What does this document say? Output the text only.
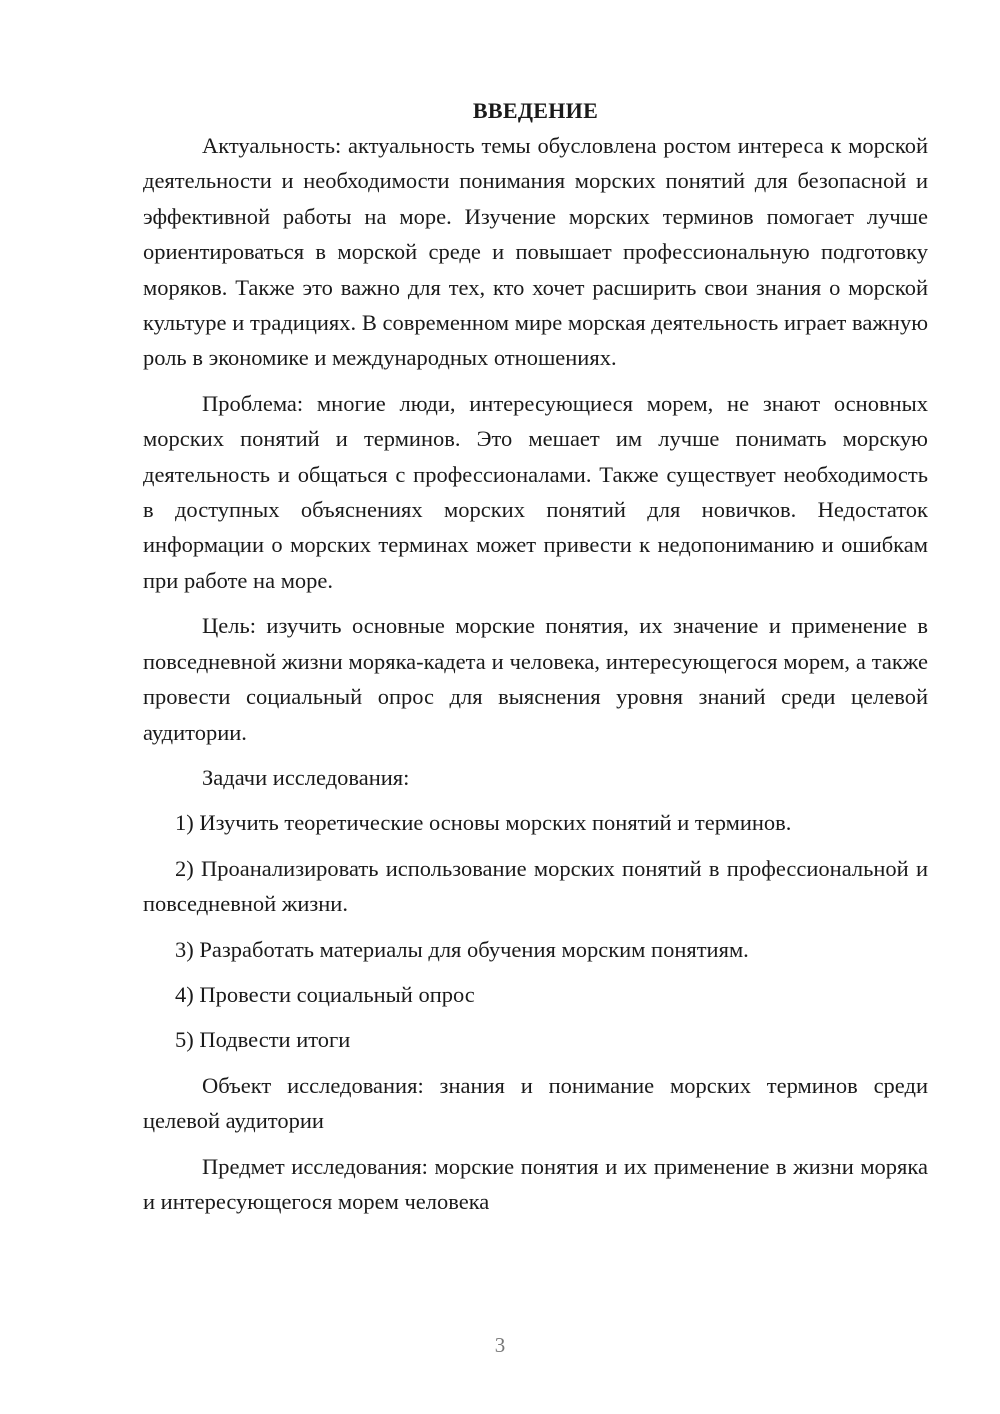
ВВЕДЕНИЕ

Актуальность: актуальность темы обусловлена ростом интереса к морской деятельности и необходимости понимания морских понятий для безопасной и эффективной работы на море. Изучение морских терминов помогает лучше ориентироваться в морской среде и повышает профессиональную подготовку моряков. Также это важно для тех, кто хочет расширить свои знания о морской культуре и традициях. В современном мире морская деятельность играет важную роль в экономике и международных отношениях.

Проблема: многие люди, интересующиеся морем, не знают основных морских понятий и терминов. Это мешает им лучше понимать морскую деятельность и общаться с профессионалами. Также существует необходимость в доступных объяснениях морских понятий для новичков. Недостаток информации о морских терминах может привести к недопониманию и ошибкам при работе на море.

Цель: изучить основные морские понятия, их значение и применение в повседневной жизни моряка-кадета и человека, интересующегося морем, а также провести социальный опрос для выяснения уровня знаний среди целевой аудитории.

Задачи исследования:

1) Изучить теоретические основы морских понятий и терминов.

2) Проанализировать использование морских понятий в профессиональной и повседневной жизни.

3) Разработать материалы для обучения морским понятиям.

4) Провести социальный опрос

5) Подвести итоги

Объект исследования: знания и понимание морских терминов среди целевой аудитории

Предмет исследования: морские понятия и их применение в жизни моряка и интересующегося морем человека

3
